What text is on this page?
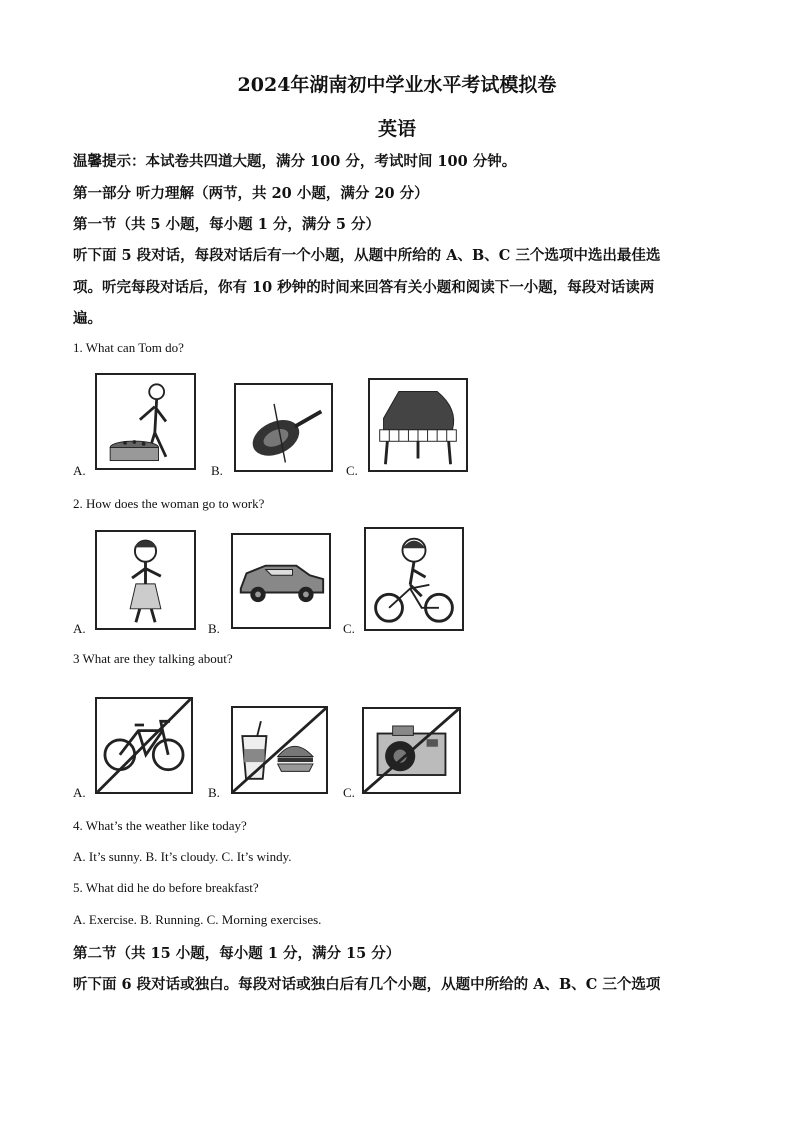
2024年湖南初中学业水平考试模拟卷
英语
温馨提示：本试卷共四道大题，满分 100 分，考试时间 100 分钟。
第一部分 听力理解（两节，共 20 小题，满分 20 分）
第一节（共 5 小题，每小题 1 分，满分 5 分）
听下面 5 段对话，每段对话后有一个小题，从题中所给的 A、B、C 三个选项中选出最佳选
项。听完每段对话后，你有 10 秒钟的时间来回答有关小题和阅读下一小题，每段对话读两
遍。
1. What can Tom do?
A.	B.	C.
2. How does the woman go to work?
A.	B.	C.
3 What are they talking about?
A.	B.	C.
4. What’s the weather like today?
A. It’s sunny. B. It’s cloudy. C. It’s windy.
5. What did he do before breakfast?
A. Exercise. B. Running. C. Morning exercises.
第二节（共 15 小题，每小题 1 分，满分 15 分）
听下面 6 段对话或独白。每段对话或独白后有几个小题，从题中所给的 A、B、C 三个选项
